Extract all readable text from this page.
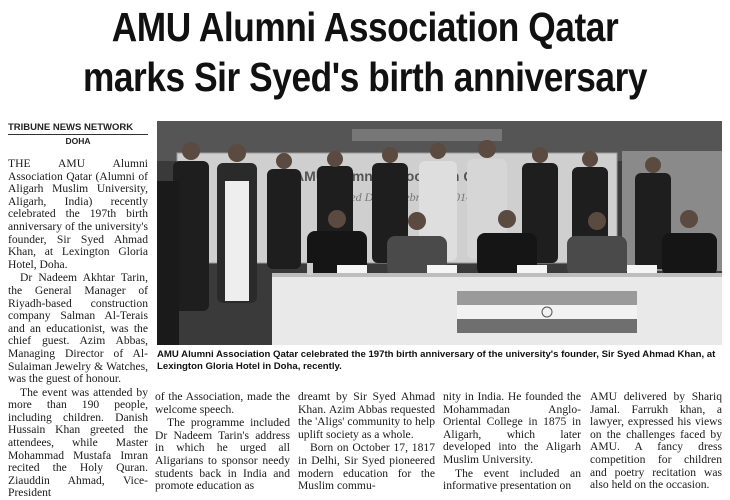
AMU Alumni Association Qatar
marks Sir Syed's birth anniversary
TRIBUNE NEWS NETWORK
DOHA

THE AMU Alumni Association Qatar (Alumni of Aligarh Muslim University, Aligarh, India) recently celebrated the 197th birth anniversary of the university's founder, Sir Syed Ahmad Khan, at Lexington Gloria Hotel, Doha.

Dr Nadeem Akhtar Tarin, the General Manager of Riyadh-based construction company Salman Al-Terais and an educationist, was the chief guest. Azim Abbas, Managing Director of Al-Sulaiman Jewelry & Watches, was the guest of honour.

The event was attended by more than 190 people, including children. Danish Hussain Khan greeted the attendees, while Master Mohammad Mustafa Imran recited the Holy Quran. Ziauddin Ahmad, Vice-President

AMU Alumni
Celebration 2014
AMU Alumni Association Qatar celebrated the 197th birth anniversary of the university's founder, Sir Syed Ahmad Khan, at Lexington Gloria Hotel in Doha, recently.

of the Association, made the welcome speech.

The programme included Dr Nadeem Tarin's address in which he urged all Aligarians to sponsor needy students back in India and promote education as

dreamt by Sir Syed Ahmad Khan. Azim Abbas requested the 'Aligs' community to help uplift society as a whole.

Born on October 17, 1817 in Delhi, Sir Syed pioneered modern education for the Muslim commu-

nity in India. He founded the Mohammadan Anglo-Oriental College in 1875 in Aligarh, which later developed into the Aligarh Muslim University.

The event included an informative presentation on

AMU delivered by Shariq Jamal. Farrukh khan, a lawyer, expressed his views on the challenges faced by AMU. A fancy dress competition for children and poetry recitation was also held on the occasion.
